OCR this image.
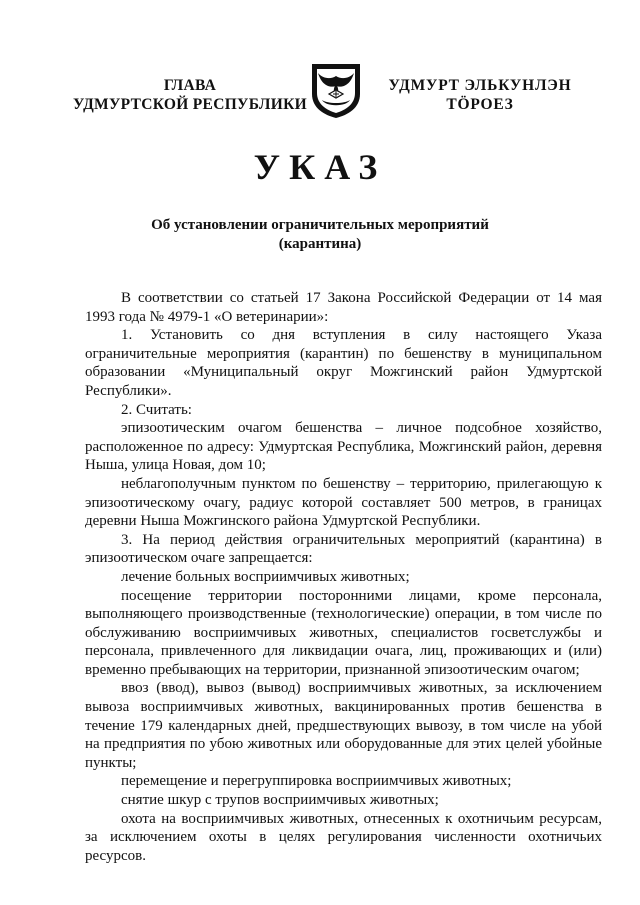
ГЛАВА
УДМУРТСКОЙ РЕСПУБЛИКИ
УДМУРТ ЭЛЬКУНЛЭН
ТӦРОЕЗ
УКАЗ
Об установлении ограничительных мероприятий
(карантина)

В соответствии со статьей 17 Закона Российской Федерации от 14 мая 1993 года № 4979-1 «О ветеринарии»:

1. Установить со дня вступления в силу настоящего Указа ограничительные мероприятия (карантин) по бешенству в муниципальном образовании «Муниципальный округ Можгинский район Удмуртской Республики».

2. Считать:

эпизоотическим очагом бешенства – личное подсобное хозяйство, расположенное по адресу: Удмуртская Республика, Можгинский район, деревня Ныша, улица Новая, дом 10;

неблагополучным пунктом по бешенству – территорию, прилегающую к эпизоотическому очагу, радиус которой составляет 500 метров, в границах деревни Ныша Можгинского района Удмуртской Республики.

3. На период действия ограничительных мероприятий (карантина) в эпизоотическом очаге запрещается:

лечение больных восприимчивых животных;

посещение территории посторонними лицами, кроме персонала, выполняющего производственные (технологические) операции, в том числе по обслуживанию восприимчивых животных, специалистов госветслужбы и персонала, привлеченного для ликвидации очага, лиц, проживающих и (или) временно пребывающих на территории, признанной эпизоотическим очагом;

ввоз (ввод), вывоз (вывод) восприимчивых животных, за исключением вывоза восприимчивых животных, вакцинированных против бешенства в течение 179 календарных дней, предшествующих вывозу, в том числе на убой на предприятия по убою животных или оборудованные для этих целей убойные пункты;

перемещение и перегруппировка восприимчивых животных;

снятие шкур с трупов восприимчивых животных;

охота на восприимчивых животных, отнесенных к охотничьим ресурсам, за исключением охоты в целях регулирования численности охотничьих ресурсов.
